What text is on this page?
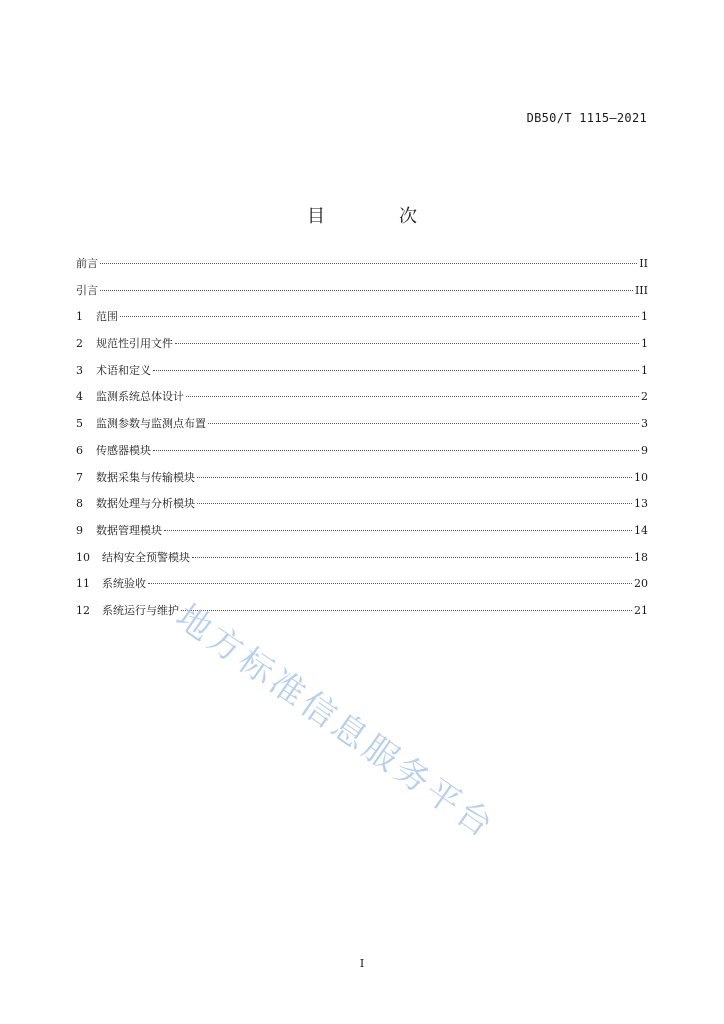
DB50/T 1115—2021
目　次
前言	II
引言	III
1	范围	1
2	规范性引用文件	1
3	术语和定义	1
4	监测系统总体设计	2
5	监测参数与监测点布置	3
6	传感器模块	9
7	数据采集与传输模块	10
8	数据处理与分析模块	13
9	数据管理模块	14
10	结构安全预警模块	18
11	系统验收	20
12	系统运行与维护	21
地方标准信息服务平台
I
